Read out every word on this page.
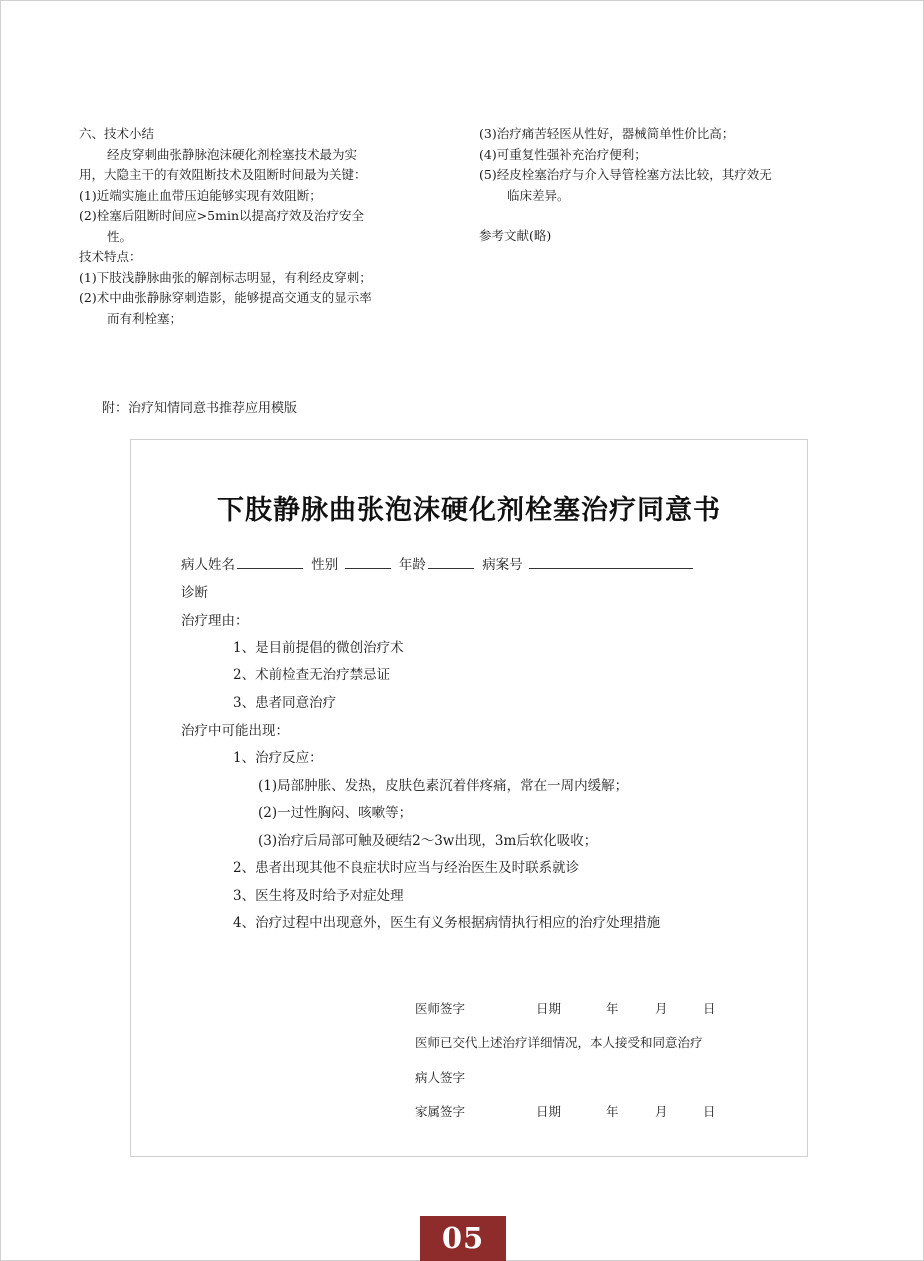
六、技术小结

经皮穿刺曲张静脉泡沫硬化剂栓塞技术最为实

用，大隐主干的有效阻断技术及阻断时间最为关键：

(1)近端实施止血带压迫能够实现有效阻断；

(2)栓塞后阻断时间应>5min以提高疗效及治疗安全

性。

技术特点：

(1)下肢浅静脉曲张的解剖标志明显，有利经皮穿刺；

(2)术中曲张静脉穿刺造影，能够提高交通支的显示率

而有利栓塞；

(3)治疗痛苦轻医从性好，器械简单性价比高；

(4)可重复性强补充治疗便利；

(5)经皮栓塞治疗与介入导管栓塞方法比较，其疗效无

临床差异。

参考文献(略)

附：治疗知情同意书推荐应用模版
下肢静脉曲张泡沫硬化剂栓塞治疗同意书
病人姓名	性别	年龄	病案号
诊断
治疗理由：
1、是目前提倡的微创治疗术
2、术前检查无治疗禁忌证
3、患者同意治疗
治疗中可能出现：
1、治疗反应：
(1)局部肿胀、发热，皮肤色素沉着伴疼痛，常在一周内缓解；
(2)一过性胸闷、咳嗽等；
(3)治疗后局部可触及硬结2～3w出现，3m后软化吸收；
2、患者出现其他不良症状时应当与经治医生及时联系就诊
3、医生将及时给予对症处理
4、治疗过程中出现意外，医生有义务根据病情执行相应的治疗处理措施
医师签字	日期	年	月	日
医师已交代上述治疗详细情况，本人接受和同意治疗
病人签字
家属签字	日期	年	月	日
05
